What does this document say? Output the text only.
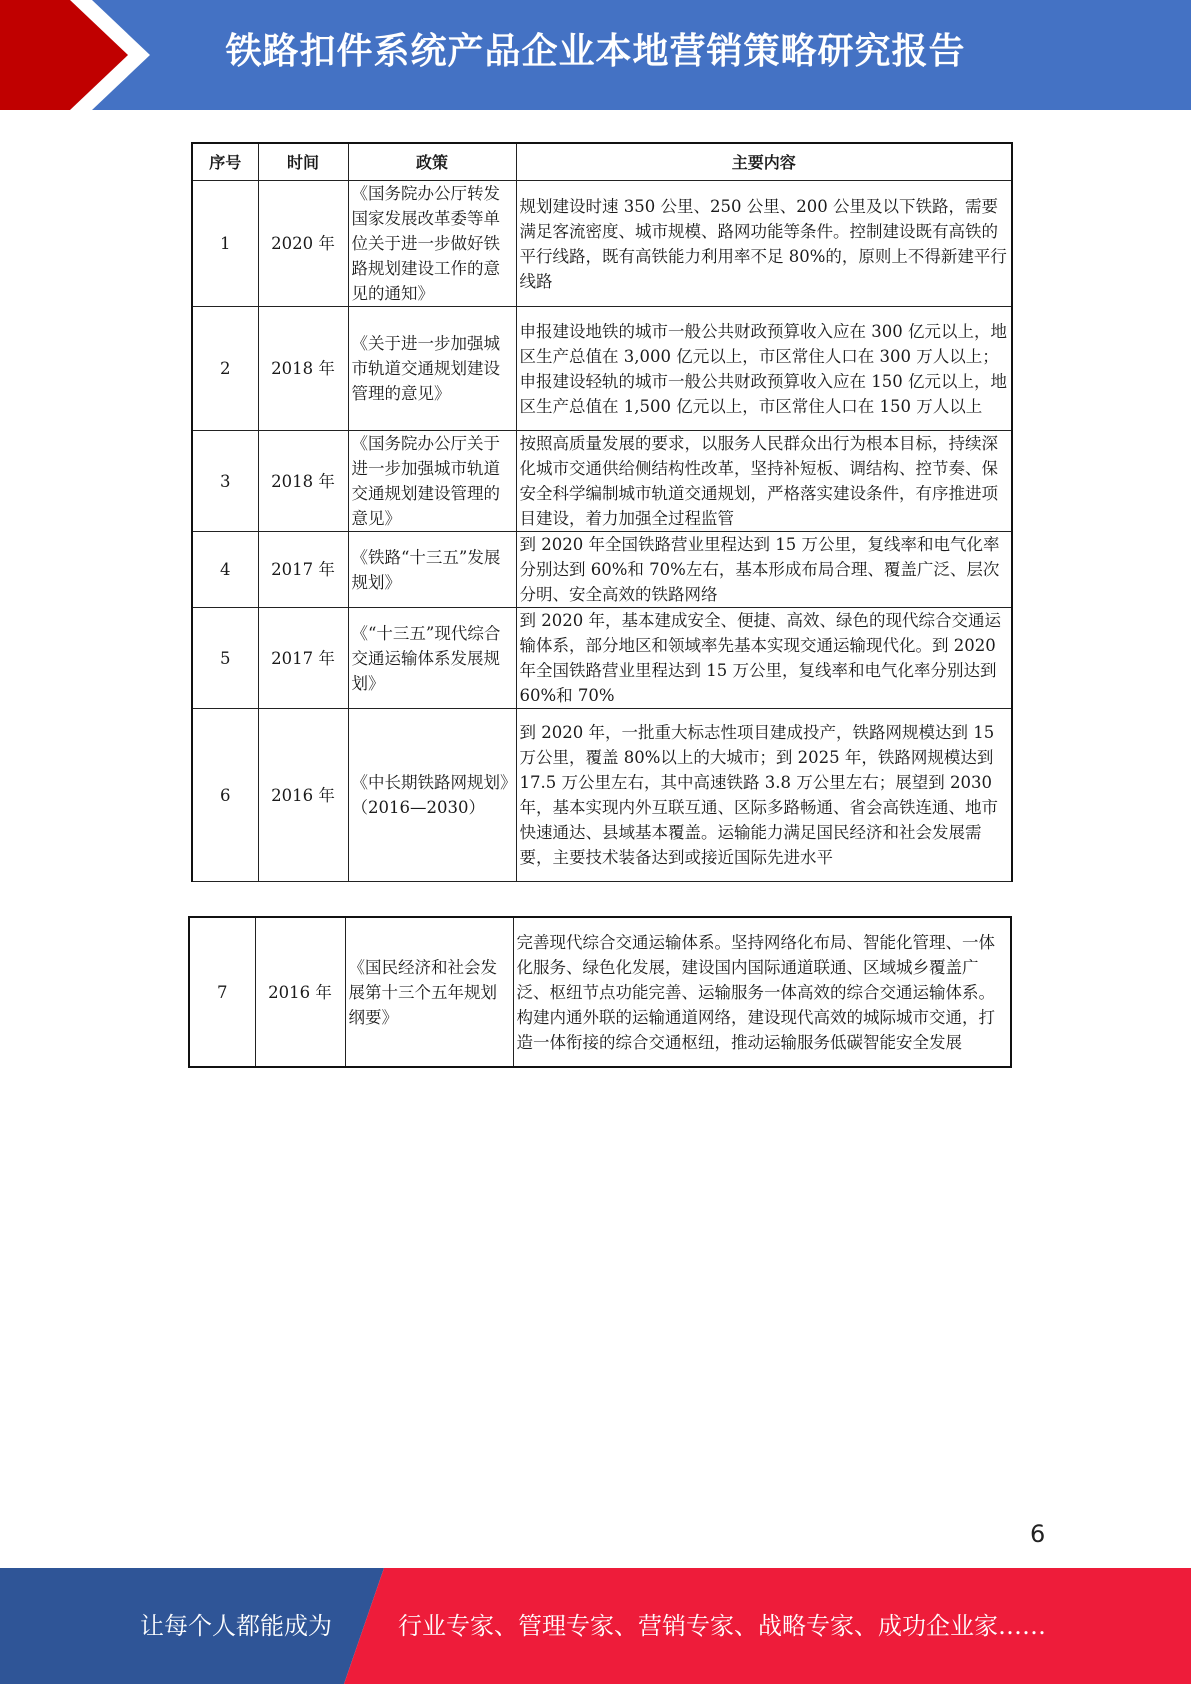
铁路扣件系统产品企业本地营销策略研究报告
序号	时间	政策	主要内容
1	2020 年	《国务院办公厅转发国家发展改革委等单位关于进一步做好铁路规划建设工作的意见的通知》	规划建设时速 350 公里、250 公里、200 公里及以下铁路，需要满足客流密度、城市规模、路网功能等条件。控制建设既有高铁的平行线路，既有高铁能力利用率不足 80%的，原则上不得新建平行线路
2	2018 年	《关于进一步加强城市轨道交通规划建设管理的意见》	申报建设地铁的城市一般公共财政预算收入应在 300 亿元以上，地区生产总值在 3,000 亿元以上，市区常住人口在 300 万人以上；申报建设轻轨的城市一般公共财政预算收入应在 150 亿元以上，地区生产总值在 1,500 亿元以上，市区常住人口在 150 万人以上
3	2018 年	《国务院办公厅关于进一步加强城市轨道交通规划建设管理的意见》	按照高质量发展的要求，以服务人民群众出行为根本目标，持续深化城市交通供给侧结构性改革，坚持补短板、调结构、控节奏、保安全科学编制城市轨道交通规划，严格落实建设条件，有序推进项目建设，着力加强全过程监管
4	2017 年	《铁路“十三五”发展规划》	到 2020 年全国铁路营业里程达到 15 万公里，复线率和电气化率分别达到 60%和 70%左右，基本形成布局合理、覆盖广泛、层次分明、安全高效的铁路网络
5	2017 年	《“十三五”现代综合交通运输体系发展规划》	到 2020 年，基本建成安全、便捷、高效、绿色的现代综合交通运输体系，部分地区和领域率先基本实现交通运输现代化。到 2020 年全国铁路营业里程达到 15 万公里，复线率和电气化率分别达到 60%和 70%
6	2016 年	《中长期铁路网规划》（2016—2030）	到 2020 年，一批重大标志性项目建成投产，铁路网规模达到 15 万公里，覆盖 80%以上的大城市；到 2025 年，铁路网规模达到 17.5 万公里左右，其中高速铁路 3.8 万公里左右；展望到 2030 年，基本实现内外互联互通、区际多路畅通、省会高铁连通、地市快速通达、县域基本覆盖。运输能力满足国民经济和社会发展需要，主要技术装备达到或接近国际先进水平
7	2016 年	《国民经济和社会发展第十三个五年规划纲要》	完善现代综合交通运输体系。坚持网络化布局、智能化管理、一体化服务、绿色化发展，建设国内国际通道联通、区域城乡覆盖广泛、枢纽节点功能完善、运输服务一体高效的综合交通运输体系。构建内通外联的运输通道网络，建设现代高效的城际城市交通，打造一体衔接的综合交通枢纽，推动运输服务低碳智能安全发展
6
让每个人都能成为	行业专家、管理专家、营销专家、战略专家、成功企业家……
